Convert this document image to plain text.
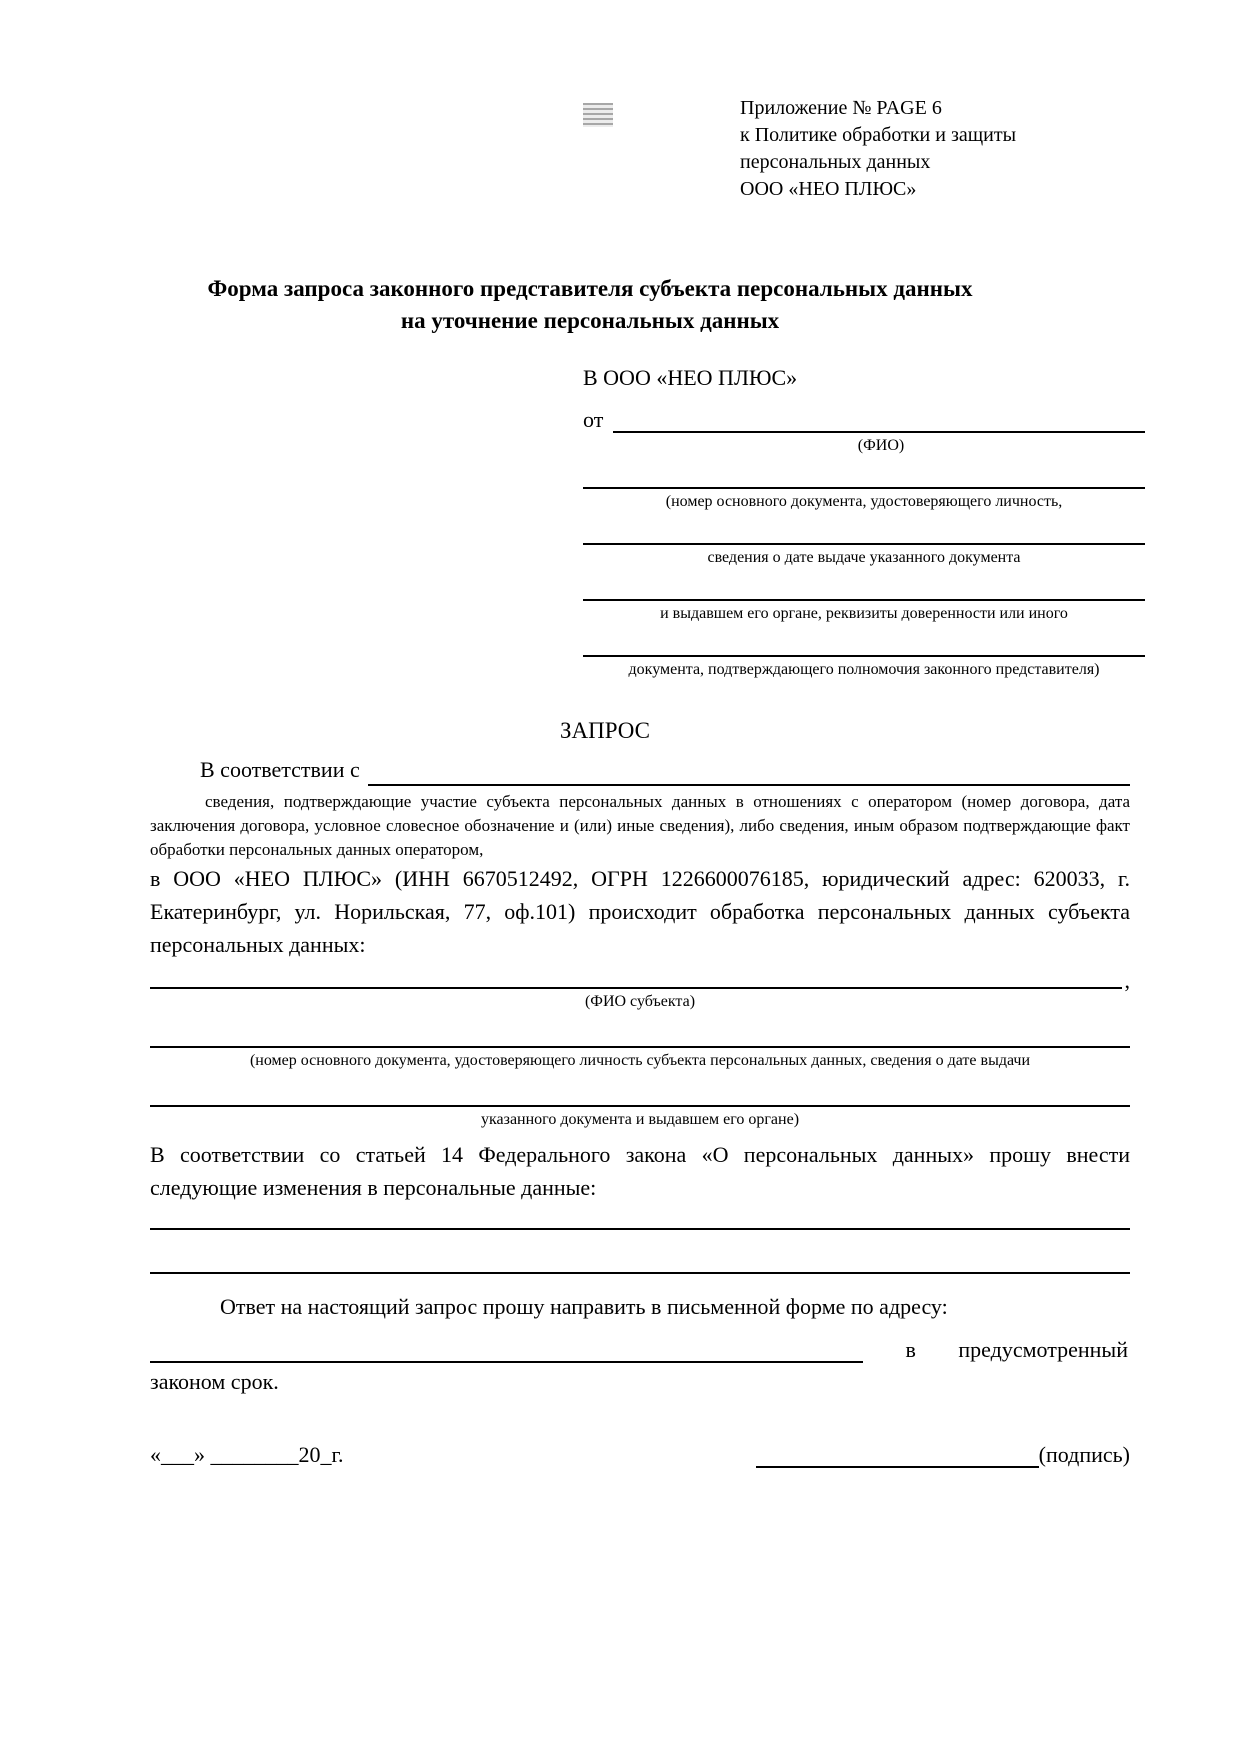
Приложение № PAGE 6
к Политике обработки и защиты
персональных данных
ООО «НЕО ПЛЮС»
Форма запроса законного представителя субъекта персональных данных
на уточнение персональных данных
В ООО «НЕО ПЛЮС»
от
(ФИО)
(номер основного документа, удостоверяющего личность,
сведения о дате выдаче указанного документа
и выдавшем его органе, реквизиты доверенности или иного
документа, подтверждающего полномочия законного представителя)
ЗАПРОС
В соответствии с
сведения, подтверждающие участие субъекта персональных данных в отношениях с оператором (номер договора, дата заключения договора, условное словесное обозначение и (или) иные сведения), либо сведения, иным образом подтверждающие факт обработки персональных данных оператором,
в ООО «НЕО ПЛЮС» (ИНН 6670512492, ОГРН 1226600076185, юридический адрес: 620033, г. Екатеринбург, ул. Норильская, 77, оф.101) происходит обработка персональных данных субъекта персональных данных:
,
(ФИО субъекта)
(номер основного документа, удостоверяющего личность субъекта персональных данных, сведения о дате выдачи
указанного документа и выдавшем его органе)
В соответствии со статьей 14 Федерального закона «О персональных данных» прошу внести следующие изменения в персональные данные:
Ответ на настоящий запрос прошу направить в письменной форме по адресу:
в предусмотренный
законом срок.
«___» ________20_г.	(подпись)
